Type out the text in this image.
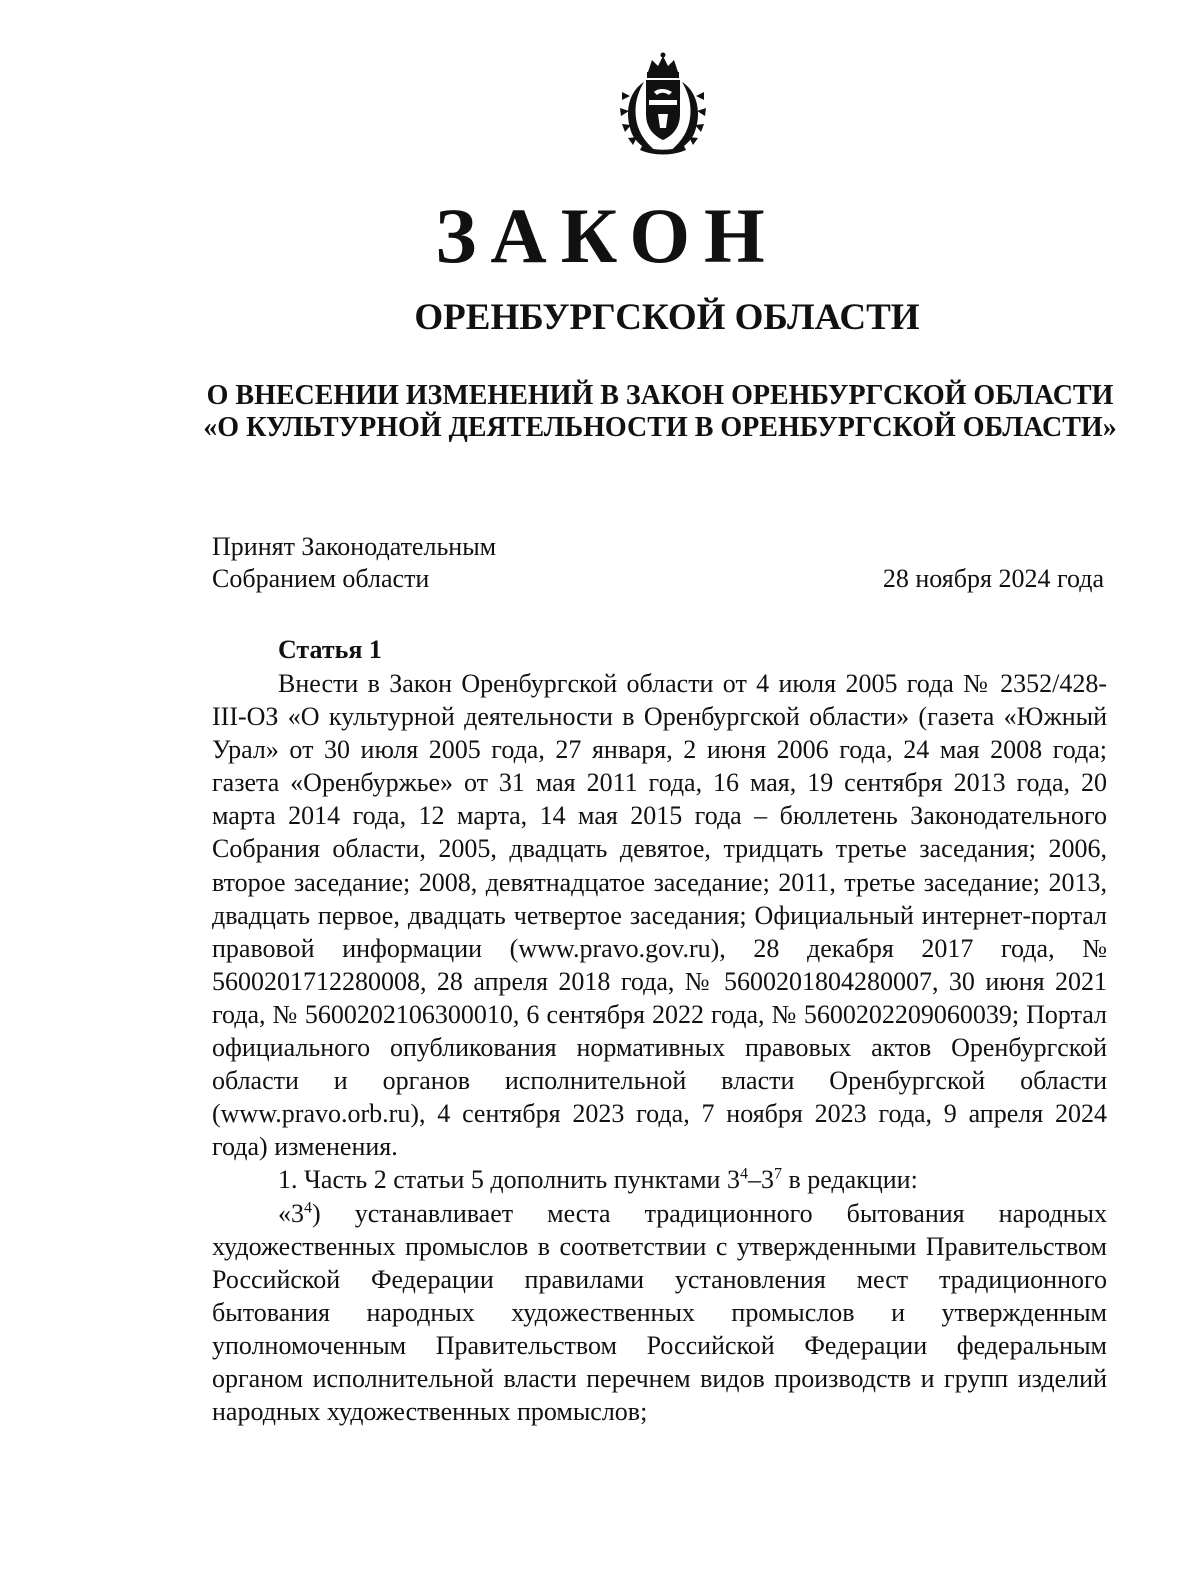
ЗАКОН
ОРЕНБУРГСКОЙ ОБЛАСТИ
О ВНЕСЕНИИ ИЗМЕНЕНИЙ В ЗАКОН ОРЕНБУРГСКОЙ ОБЛАСТИ
«О КУЛЬТУРНОЙ ДЕЯТЕЛЬНОСТИ В ОРЕНБУРГСКОЙ ОБЛАСТИ»
Принят Законодательным
Собранием области	28 ноября 2024 года
Статья 1

Внести в Закон Оренбургской области от 4 июля 2005 года № 2352/428-III-ОЗ «О культурной деятельности в Оренбургской области» (газета «Южный Урал» от 30 июля 2005 года, 27 января, 2 июня 2006 года, 24 мая 2008 года; газета «Оренбуржье» от 31 мая 2011 года, 16 мая, 19 сентября 2013 года, 20 марта 2014 года, 12 марта, 14 мая 2015 года – бюллетень Законодательного Собрания области, 2005, двадцать девятое, тридцать третье заседания; 2006, второе заседание; 2008, девятнадцатое заседание; 2011, третье заседание; 2013, двадцать первое, двадцать четвертое заседания; Официальный интернет-портал правовой информации (www.pravo.gov.ru), 28 декабря 2017 года, № 5600201712280008, 28 апреля 2018 года, № 5600201804280007, 30 июня 2021 года, № 5600202106300010, 6 сентября 2022 года, № 5600202209060039; Портал официального опубликования нормативных правовых актов Оренбургской области и органов исполнительной власти Оренбургской области (www.pravo.orb.ru), 4 сентября 2023 года, 7 ноября 2023 года, 9 апреля 2024 года) изменения.

1. Часть 2 статьи 5 дополнить пунктами $3^4-3^7$ в редакции:

«$3^4$) устанавливает места традиционного бытования народных художественных промыслов в соответствии с утвержденными Правительством Российской Федерации правилами установления мест традиционного бытования народных художественных промыслов и утвержденным уполномоченным Правительством Российской Федерации федеральным органом исполнительной власти перечнем видов производств и групп изделий народных художественных промыслов;
